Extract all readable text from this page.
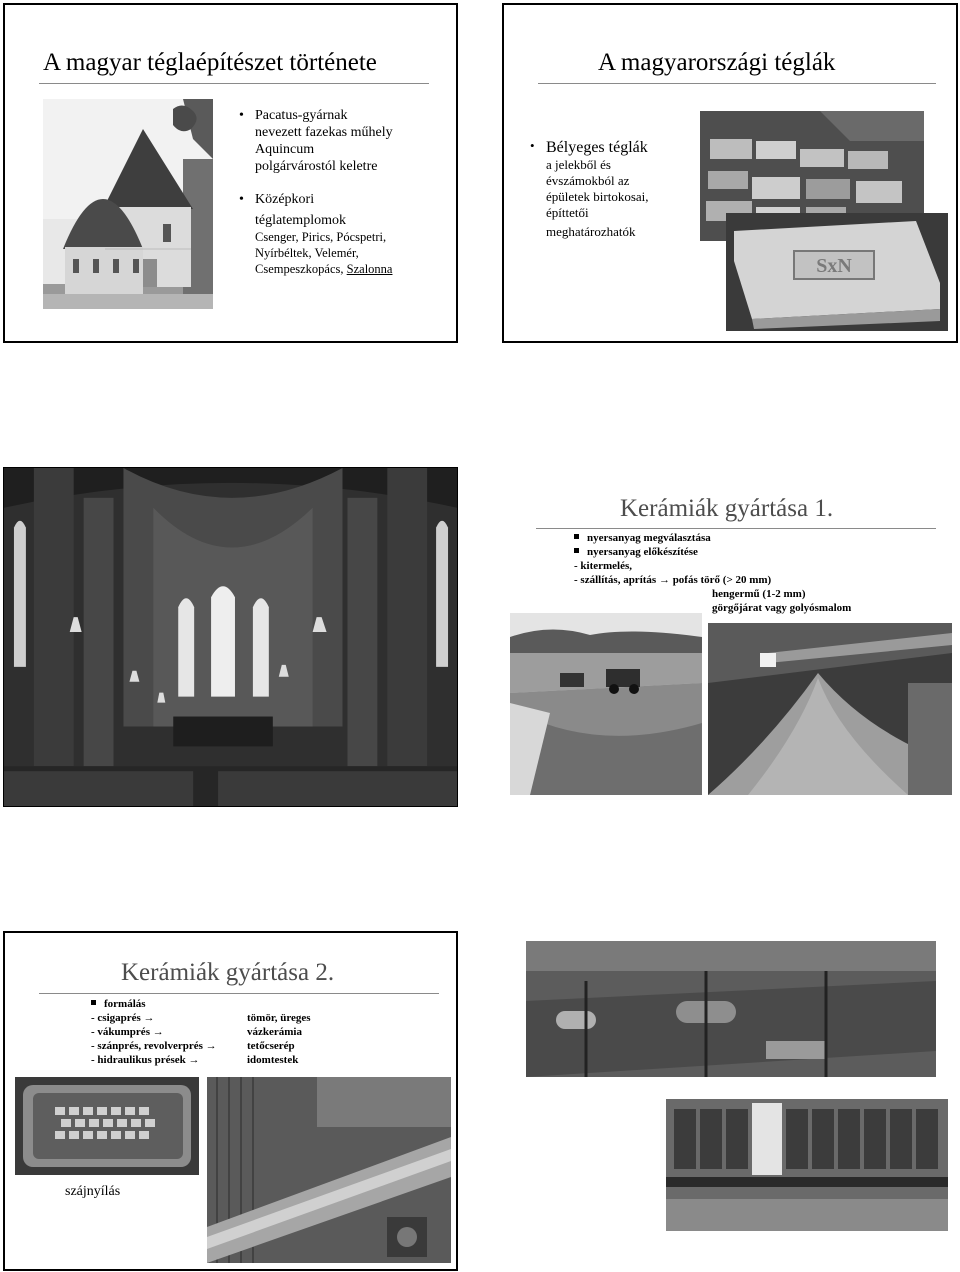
A magyar téglaépítészet története
• Pacatus-gyárnak
nevezett fazekas műhely
Aquincum
polgárvárostól keletre
• Középkori
téglatemplomok
Csenger, Pirics, Pócspetri,
Nyírbéltek, Velemér,
Csempeszkopács, Szalonna
A magyarországi téglák
• Bélyeges téglák
a jelekből és
évszámokból az
épületek birtokosai,
építtetői
meghatározhatók
SxN
Kerámiák gyártása 1.
nyersanyag megválasztása
nyersanyag előkészítése
- kitermelés,
- szállítás, aprítás → pofás törő (> 20 mm)
hengermű (1-2 mm)
görgőjárat vagy golyósmalom
Kerámiák gyártása 2.
formálás
- csigaprés →	tömör, üreges
- vákumprés →	vázkerámia
- szánprés, revolverprés →	tetőcserép
- hidraulikus prések →	idomtestek
szájnyílás
